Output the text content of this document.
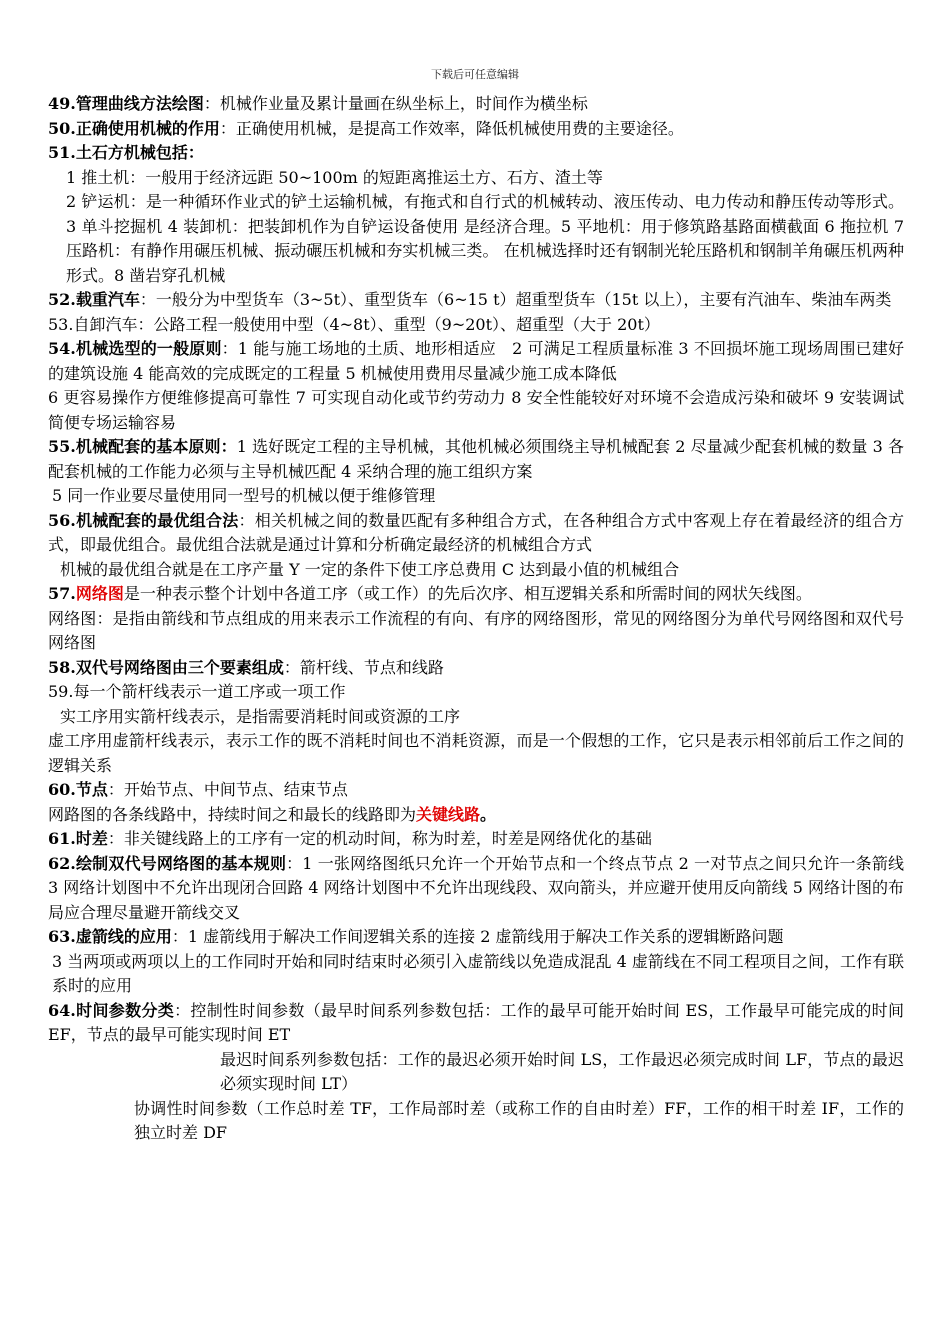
下载后可任意编辑

49.管理曲线方法绘图：机械作业量及累计量画在纵坐标上，时间作为横坐标

50.正确使用机械的作用：正确使用机械，是提高工作效率，降低机械使用费的主要途径。

51.土石方机械包括：

1 推土机：一般用于经济远距 50~100m 的短距离推运土方、石方、渣土等

2 铲运机：是一种循环作业式的铲土运输机械，有拖式和自行式的机械转动、液压传动、电力传动和静压传动等形式。3 单斗挖掘机 4 装卸机：把装卸机作为自铲运设备使用 是经济合理。5 平地机：用于修筑路基路面横截面 6 拖拉机 7 压路机：有静作用碾压机械、振动碾压机械和夯实机械三类。 在机械选择时还有钢制光轮压路机和钢制羊角碾压机两种形式。8 凿岩穿孔机械

52.载重汽车：一般分为中型货车（3~5t）、重型货车（6~15 t）超重型货车（15t 以上），主要有汽油车、柴油车两类

53.自卸汽车：公路工程一般使用中型（4~8t）、重型（9~20t）、超重型（大于 20t）

54.机械选型的一般原则：1 能与施工场地的土质、地形相适应　2 可满足工程质量标准 3 不回损坏施工现场周围已建好的建筑设施 4 能高效的完成既定的工程量 5 机械使用费用尽量减少施工成本降低

6 更容易操作方便维修提高可靠性 7 可实现自动化或节约劳动力 8 安全性能较好对环境不会造成污染和破坏 9 安装调试简便专场运输容易

55.机械配套的基本原则：1 选好既定工程的主导机械，其他机械必须围绕主导机械配套 2 尽量减少配套机械的数量 3 各配套机械的工作能力必须与主导机械匹配 4 采纳合理的施工组织方案

5 同一作业要尽量使用同一型号的机械以便于维修管理

56.机械配套的最优组合法：相关机械之间的数量匹配有多种组合方式，在各种组合方式中客观上存在着最经济的组合方式，即最优组合。最优组合法就是通过计算和分析确定最经济的机械组合方式

机械的最优组合就是在工序产量 Y 一定的条件下使工序总费用 C 达到最小值的机械组合

57.网络图是一种表示整个计划中各道工序（或工作）的先后次序、相互逻辑关系和所需时间的网状矢线图。

网络图：是指由箭线和节点组成的用来表示工作流程的有向、有序的网络图形，常见的网络图分为单代号网络图和双代号网络图

58.双代号网络图由三个要素组成：箭杆线、节点和线路

59.每一个箭杆线表示一道工序或一项工作

实工序用实箭杆线表示，是指需要消耗时间或资源的工序

虚工序用虚箭杆线表示，表示工作的既不消耗时间也不消耗资源，而是一个假想的工作，它只是表示相邻前后工作之间的逻辑关系

60.节点：开始节点、中间节点、结束节点

网路图的各条线路中，持续时间之和最长的线路即为关键线路。

61.时差：非关键线路上的工序有一定的机动时间，称为时差，时差是网络优化的基础

62.绘制双代号网络图的基本规则：1 一张网络图纸只允许一个开始节点和一个终点节点 2 一对节点之间只允许一条箭线 3 网络计划图中不允许出现闭合回路 4 网络计划图中不允许出现线段、双向箭头，并应避开使用反向箭线 5 网络计图的布局应合理尽量避开箭线交叉

63.虚箭线的应用：1 虚箭线用于解决工作间逻辑关系的连接 2 虚箭线用于解决工作关系的逻辑断路问题

3 当两项或两项以上的工作同时开始和同时结束时必须引入虚箭线以免造成混乱 4 虚箭线在不同工程项目之间，工作有联系时的应用

64.时间参数分类：控制性时间参数（最早时间系列参数包括：工作的最早可能开始时间 ES，工作最早可能完成的时间 EF，节点的最早可能实现时间 ET

最迟时间系列参数包括：工作的最迟必须开始时间 LS，工作最迟必须完成时间 LF，节点的最迟必须实现时间 LT）

协调性时间参数（工作总时差 TF，工作局部时差（或称工作的自由时差）FF，工作的相干时差 IF，工作的独立时差 DF
